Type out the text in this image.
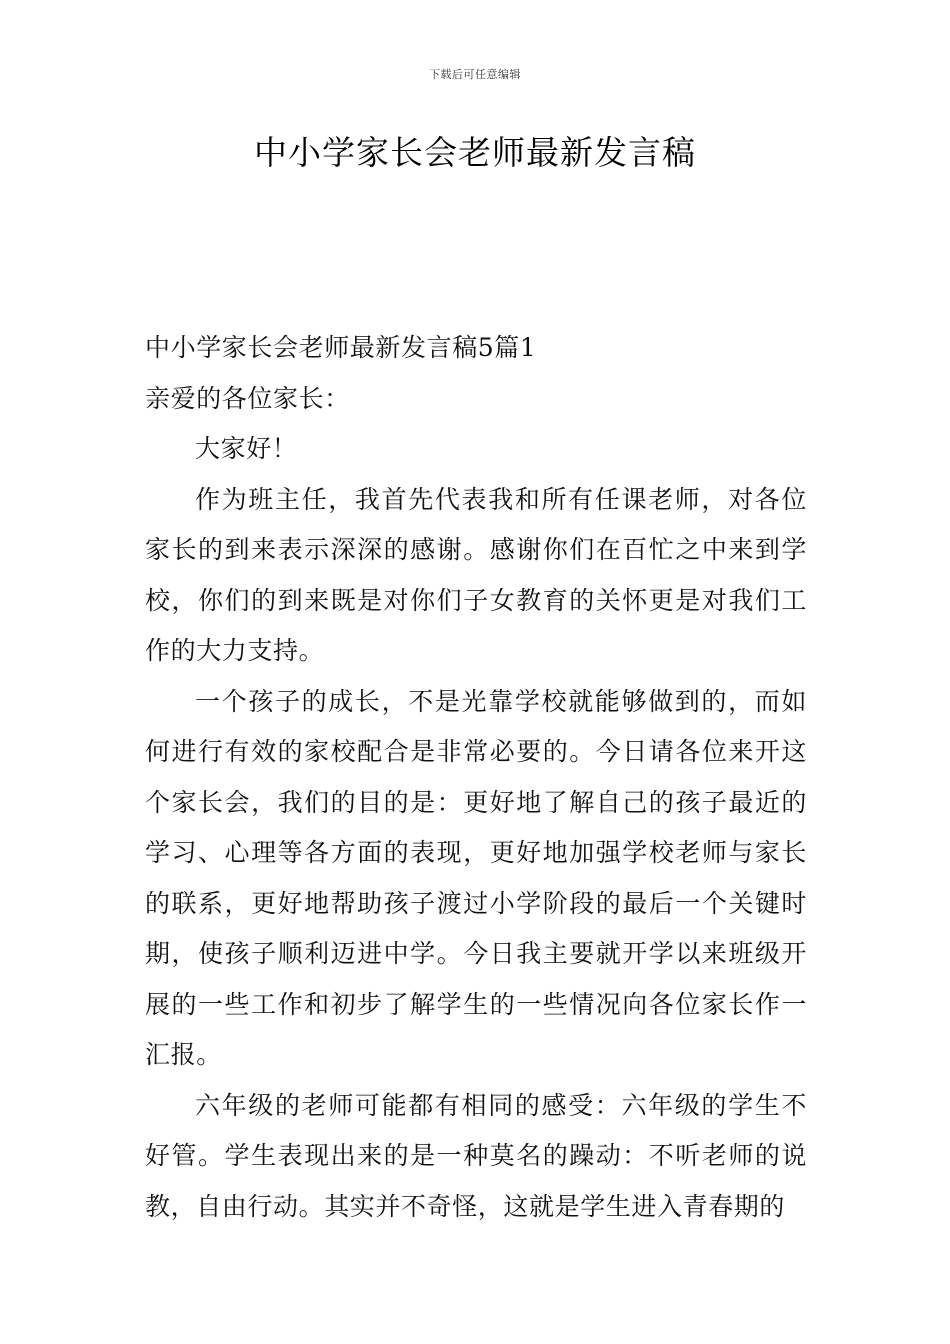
下载后可任意编辑
中小学家长会老师最新发言稿

中小学家长会老师最新发言稿5篇1

亲爱的各位家长：

大家好！

作为班主任，我首先代表我和所有任课老师，对各位家长的到来表示深深的感谢。感谢你们在百忙之中来到学校，你们的到来既是对你们子女教育的关怀更是对我们工作的大力支持。

一个孩子的成长，不是光靠学校就能够做到的，而如何进行有效的家校配合是非常必要的。今日请各位来开这个家长会，我们的目的是：更好地了解自己的孩子最近的学习、心理等各方面的表现，更好地加强学校老师与家长的联系，更好地帮助孩子渡过小学阶段的最后一个关键时期，使孩子顺利迈进中学。今日我主要就开学以来班级开展的一些工作和初步了解学生的一些情况向各位家长作一汇报。

六年级的老师可能都有相同的感受：六年级的学生不好管。学生表现出来的是一种莫名的躁动：不听老师的说教，自由行动。其实并不奇怪，这就是学生进入青春期的
